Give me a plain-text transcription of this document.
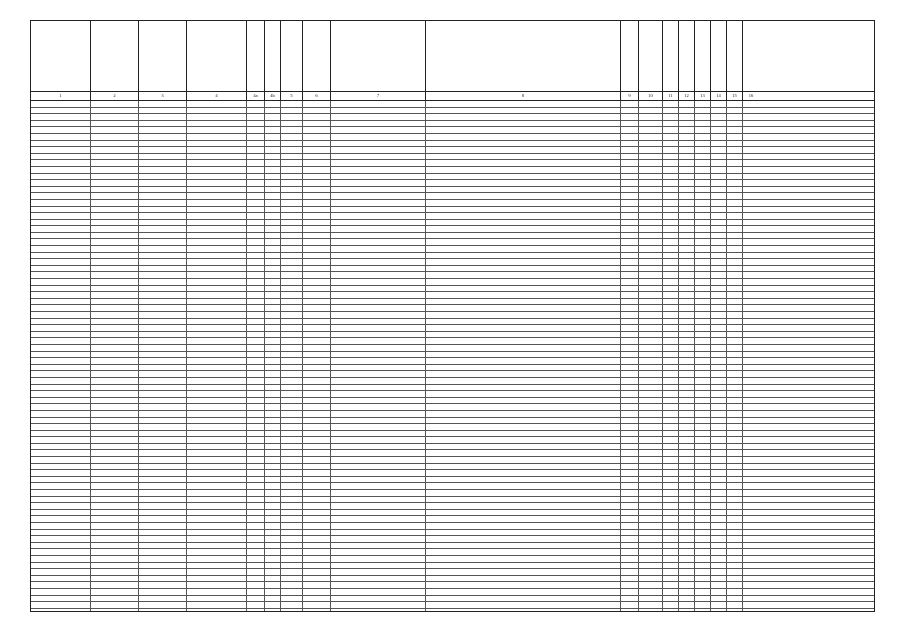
1	2	3	4	4a	4b	5	6	7	8	9	10	11	12	13	14	15	16
